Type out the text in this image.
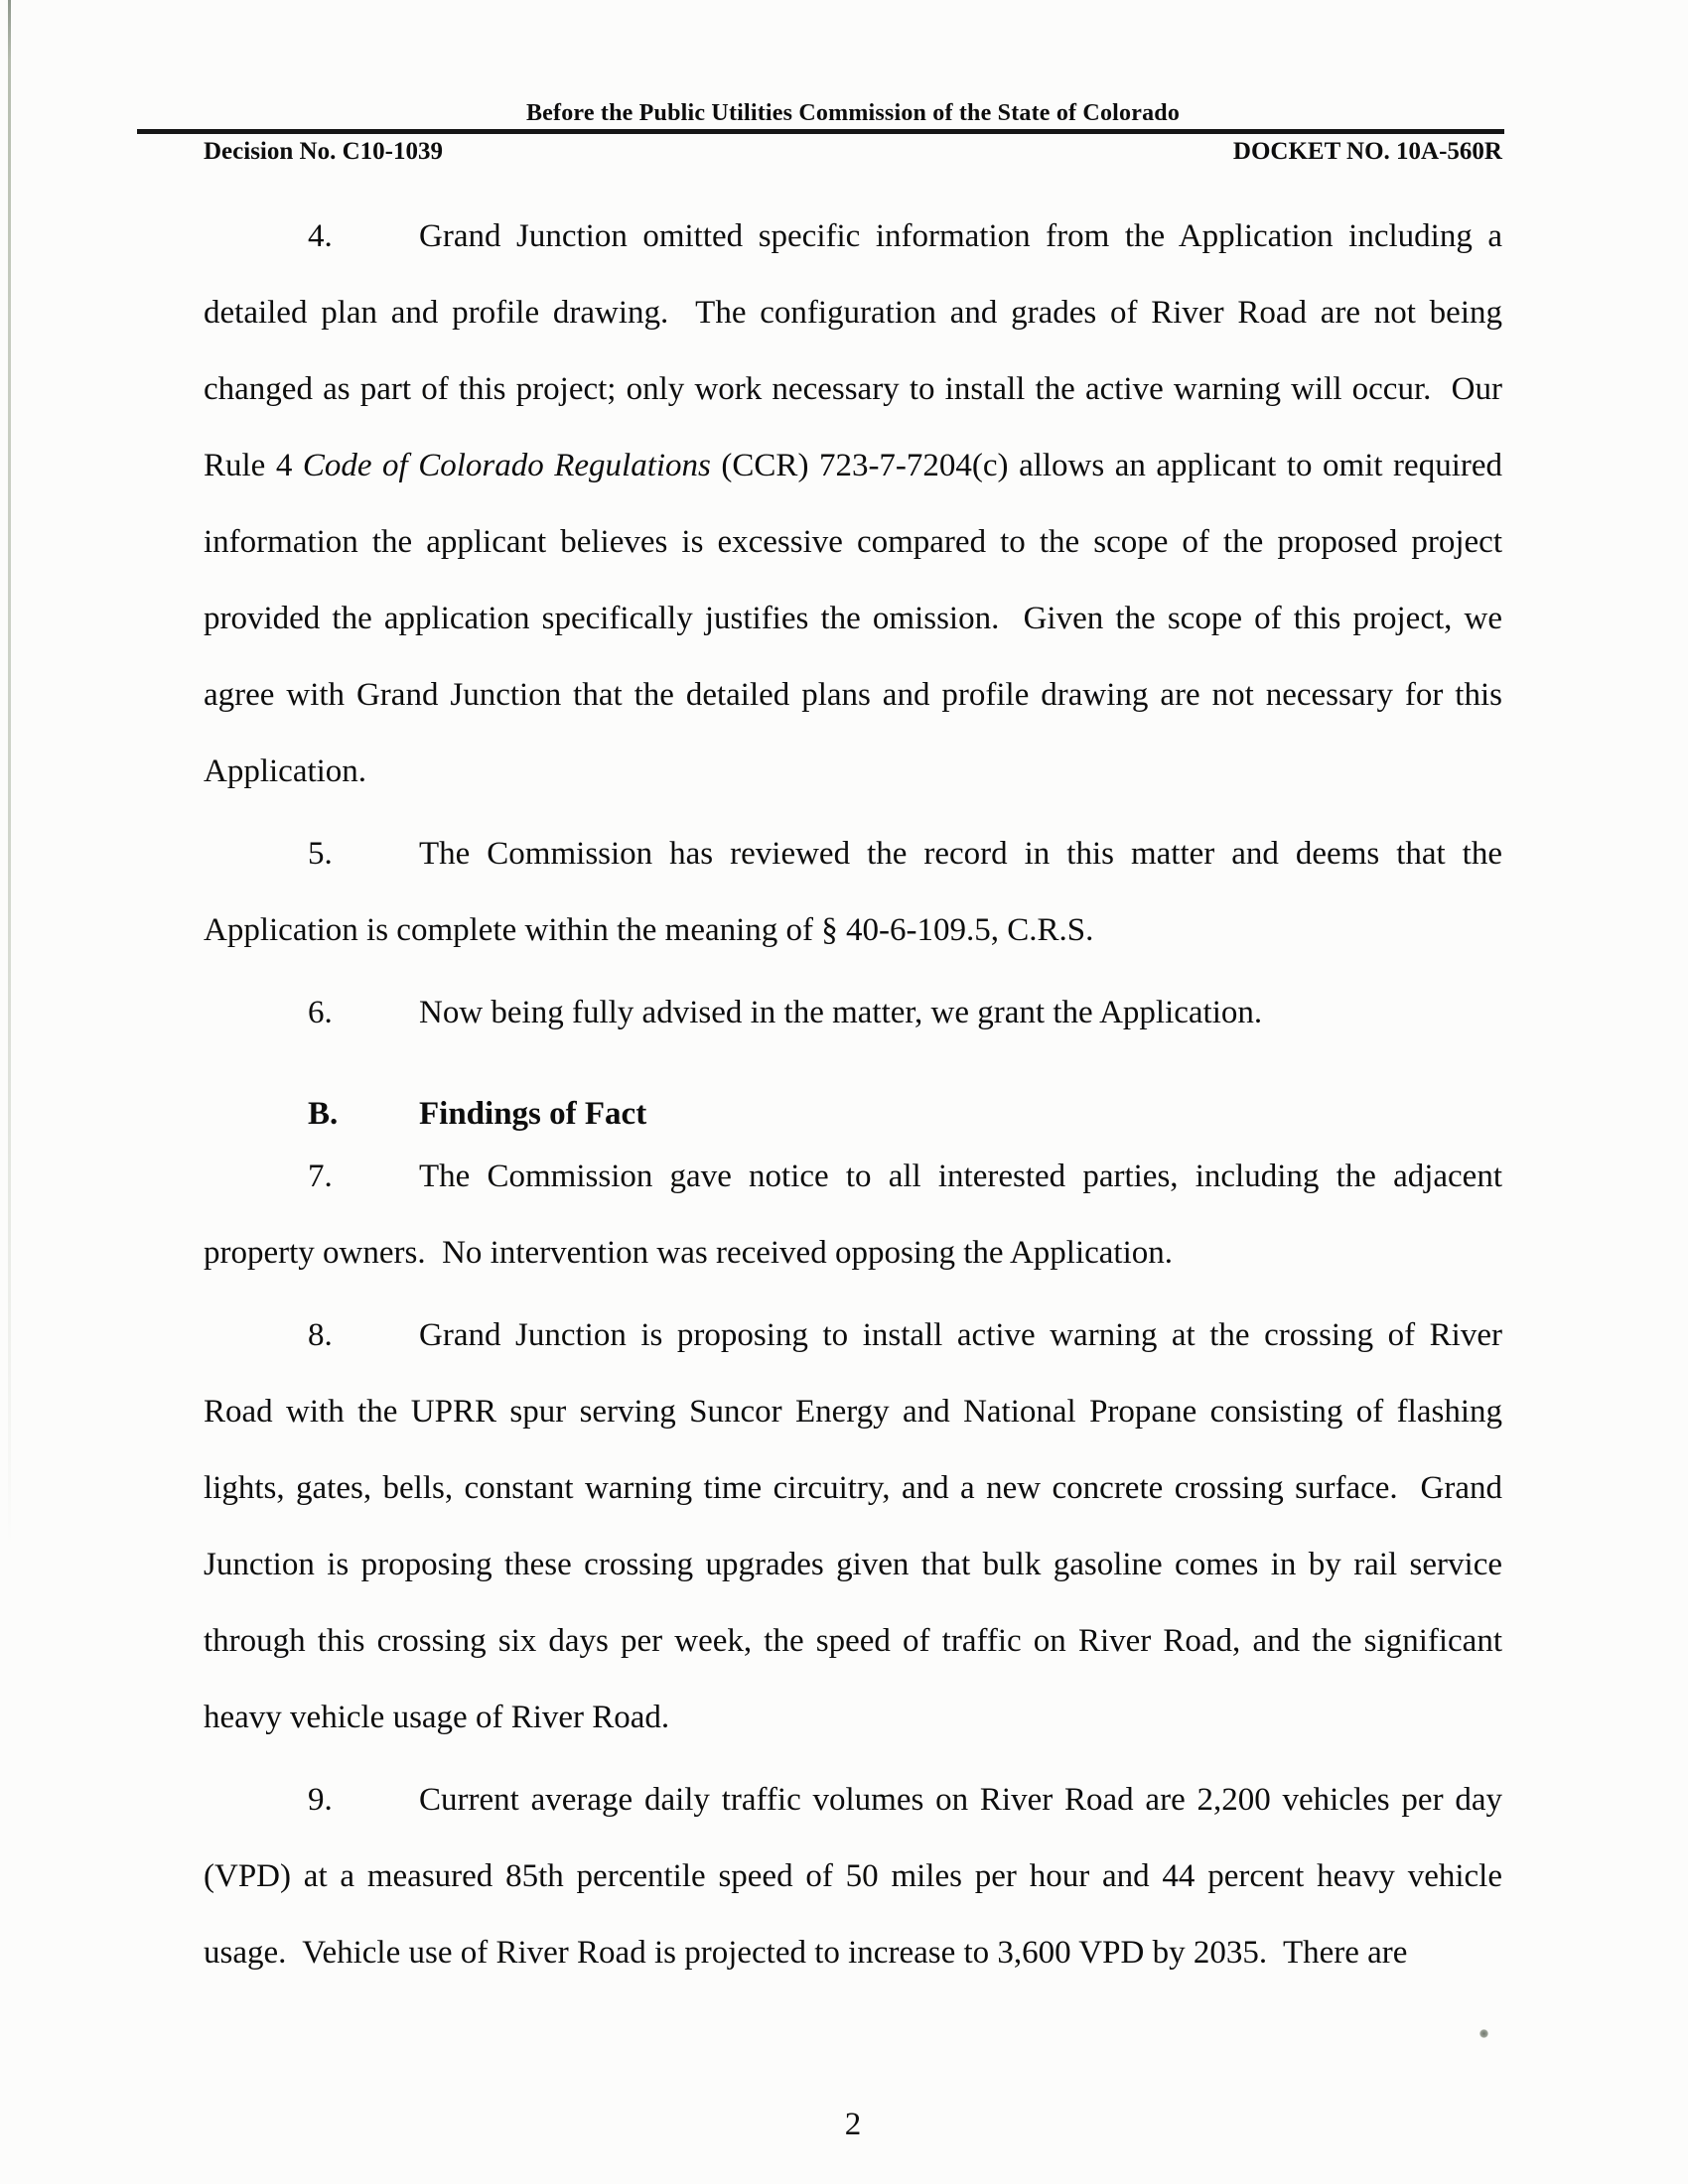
Before the Public Utilities Commission of the State of Colorado
Decision No. C10-1039	DOCKET NO. 10A-560R

4.	Grand Junction omitted specific information from the Application including a detailed plan and profile drawing.  The configuration and grades of River Road are not being changed as part of this project; only work necessary to install the active warning will occur.  Our Rule 4 Code of Colorado Regulations (CCR) 723-7-7204(c) allows an applicant to omit required information the applicant believes is excessive compared to the scope of the proposed project provided the application specifically justifies the omission.  Given the scope of this project, we agree with Grand Junction that the detailed plans and profile drawing are not necessary for this Application.

5.	The Commission has reviewed the record in this matter and deems that the Application is complete within the meaning of § 40-6-109.5, C.R.S.

6.	Now being fully advised in the matter, we grant the Application.

B. Findings of Fact

7.	The Commission gave notice to all interested parties, including the adjacent property owners.  No intervention was received opposing the Application.

8.	Grand Junction is proposing to install active warning at the crossing of River Road with the UPRR spur serving Suncor Energy and National Propane consisting of flashing lights, gates, bells, constant warning time circuitry, and a new concrete crossing surface.  Grand Junction is proposing these crossing upgrades given that bulk gasoline comes in by rail service through this crossing six days per week, the speed of traffic on River Road, and the significant heavy vehicle usage of River Road.

9.	Current average daily traffic volumes on River Road are 2,200 vehicles per day (VPD) at a measured 85th percentile speed of 50 miles per hour and 44 percent heavy vehicle usage.  Vehicle use of River Road is projected to increase to 3,600 VPD by 2035.  There are

2
